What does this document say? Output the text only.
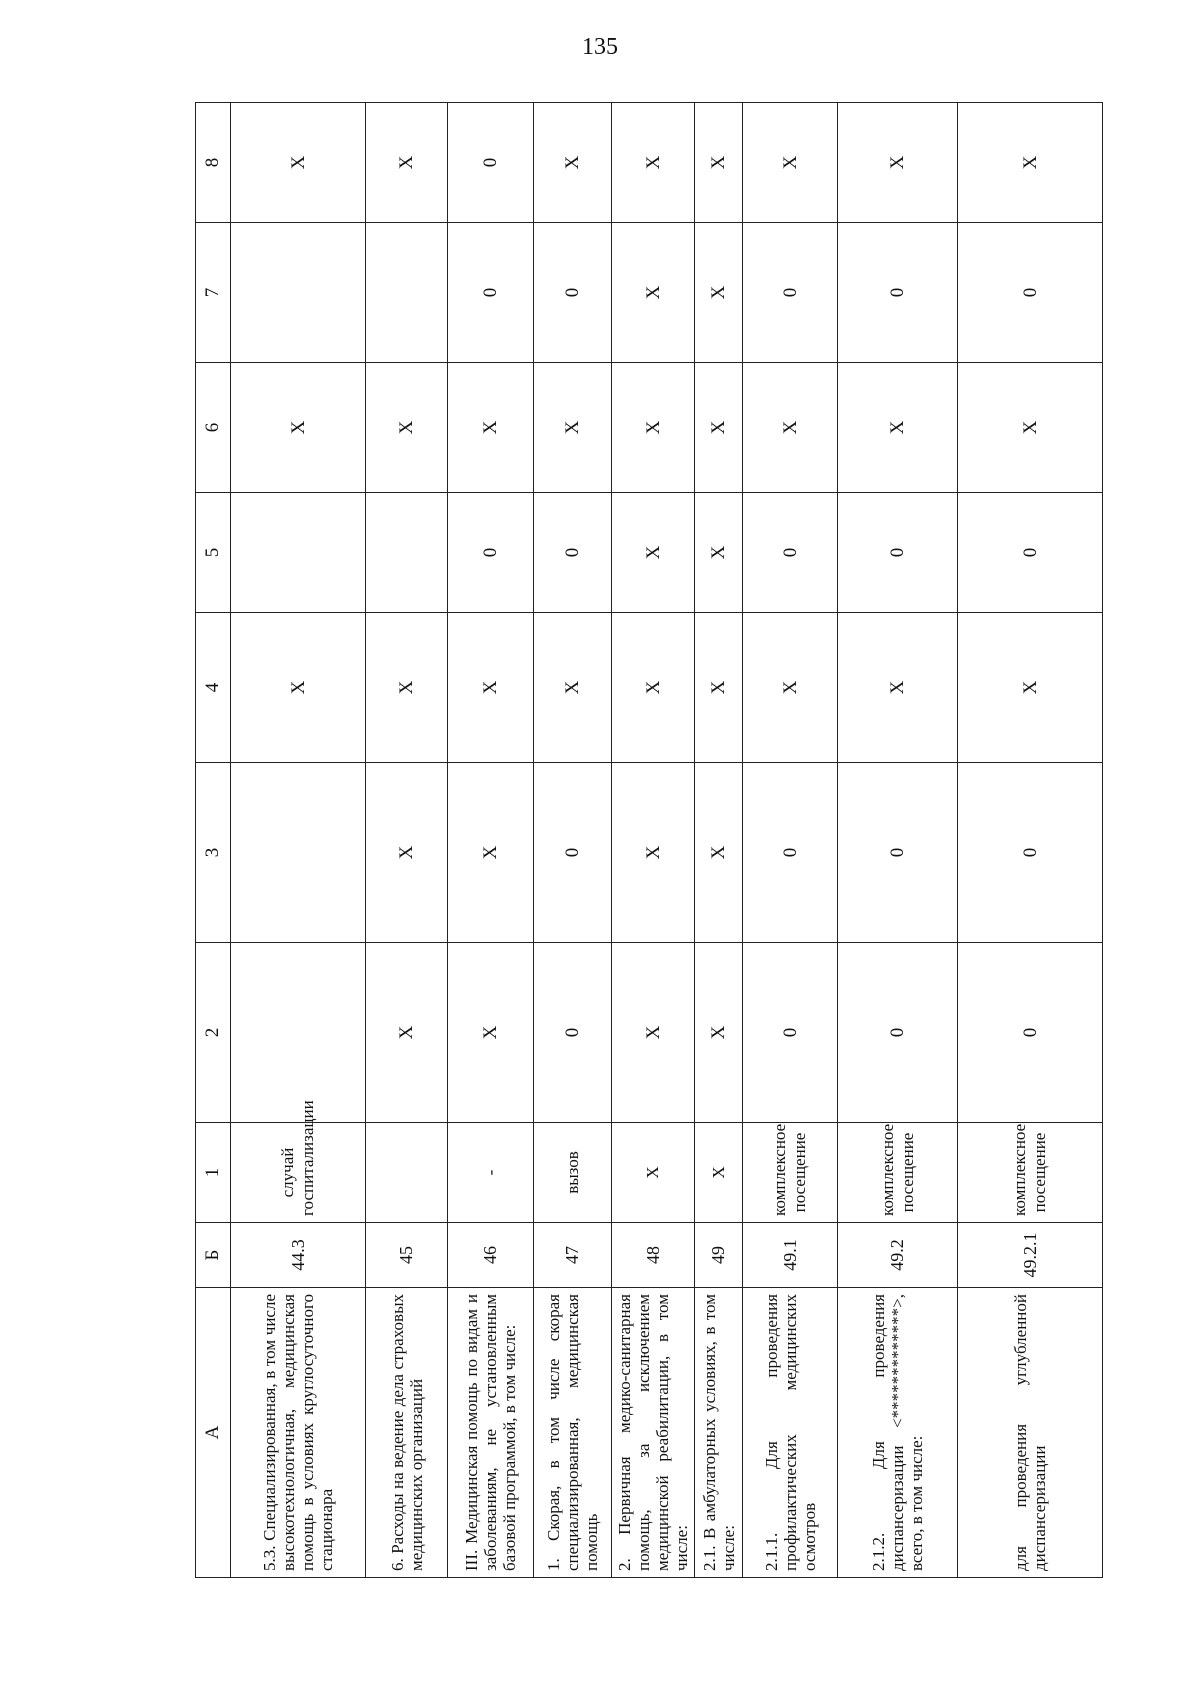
135
А	Б	1	2	3	4	5	6	7	8
5.3. Специализированная, в том числе высокотехнологичная, медицинская помощь в условиях круглосуточного стационара	44.3	случай госпитализации			X		X		X
6. Расходы на ведение дела страховых медицинских организаций	45		X	X	X		X		X
III. Медицинская помощь по видам и заболеваниям, не установленным базовой программой, в том числе:	46	-	X	X	X	0	X	0	0
1. Скорая, в том числе скорая специализированная, медицинская помощь	47	вызов	0	0	X	0	X	0	X
2. Первичная медико-санитарная помощь, за исключением медицинской реабилитации, в том числе:	48	X	X	X	X	X	X	X	X
2.1. В амбулаторных условиях, в том числе:	49	X	X	X	X	X	X	X	X
2.1.1. Для проведения профилактических медицинских осмотров	49.1	комплексное посещение	0	0	X	0	X	0	X
2.1.2. Для проведения диспансеризации <*************>, всего, в том числе:	49.2	комплексное посещение	0	0	X	0	X	0	X
для проведения углубленной диспансеризации	49.2.1	комплексное посещение	0	0	X	0	X	0	X
